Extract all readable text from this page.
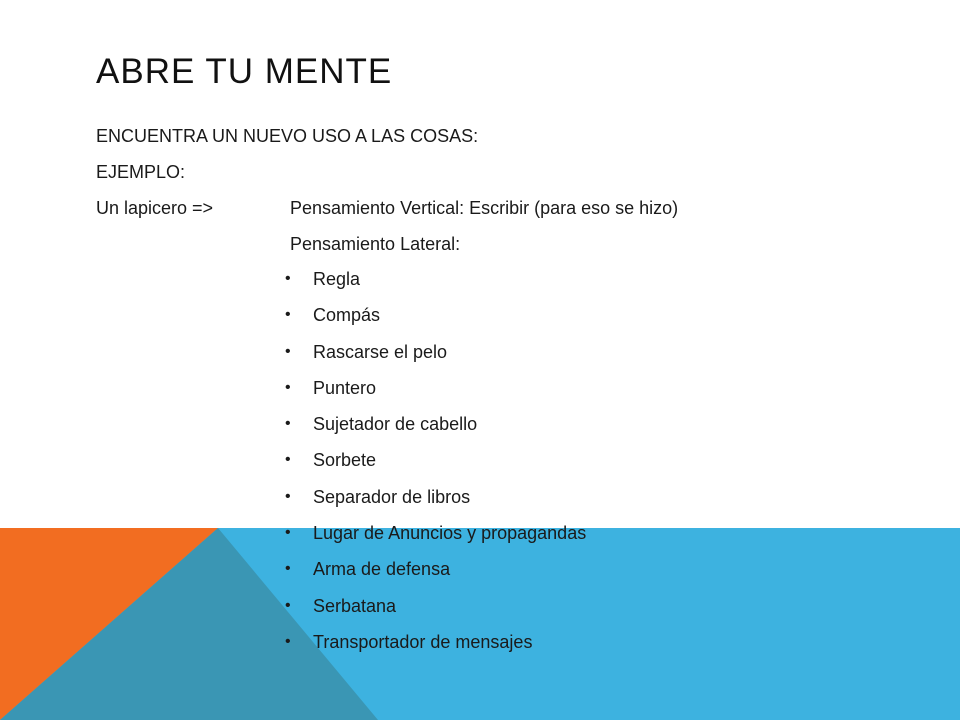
ABRE TU MENTE

ENCUENTRA UN NUEVO USO A LAS COSAS:

EJEMPLO:

Un lapicero =>	Pensamiento Vertical: Escribir (para eso se hizo)

Pensamiento Lateral:

• Regla
• Compás
• Rascarse el pelo
• Puntero
• Sujetador de cabello
• Sorbete
• Separador de libros
• Lugar de Anuncios y propagandas
• Arma de defensa
• Serbatana
• Transportador de mensajes
